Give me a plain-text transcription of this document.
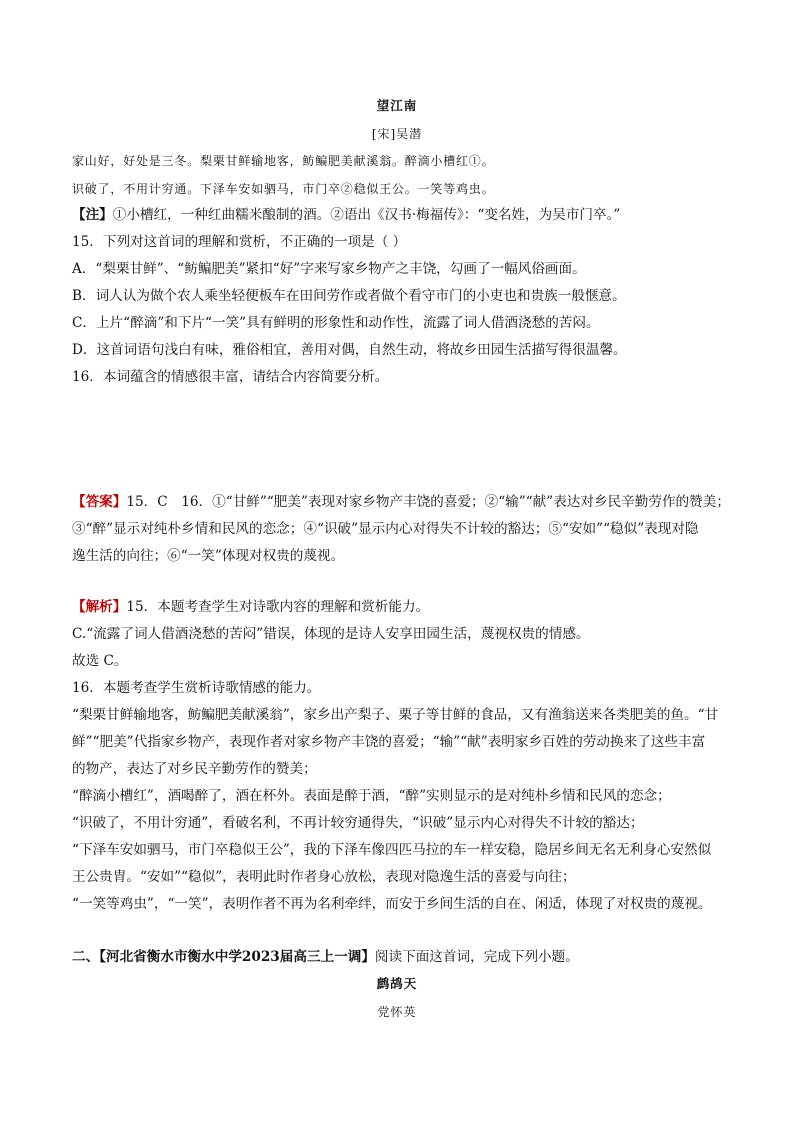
望江南
[宋]吴潜
家山好，好处是三冬。梨栗甘鲜输地客，鲂鳊肥美献溪翁。醉滴小槽红①。
识破了，不用计穷通。下泽车安如驷马，市门卒②稳似王公。一笑等鸡虫。
【注】①小槽红，一种红曲糯米酿制的酒。②语出《汉书·梅福传》：“变名姓，为吴市门卒。”
15．下列对这首词的理解和赏析，不正确的一项是（ ）
A．“梨栗甘鲜”、“鲂鳊肥美”紧扣“好”字来写家乡物产之丰饶，勾画了一幅风俗画面。
B．词人认为做个农人乘坐轻便板车在田间劳作或者做个看守市门的小吏也和贵族一般惬意。
C．上片“醉滴”和下片“一笑”具有鲜明的形象性和动作性，流露了词人借酒浇愁的苦闷。
D．这首词语句浅白有味，雅俗相宜，善用对偶，自然生动，将故乡田园生活描写得很温馨。
16．本词蕴含的情感很丰富，请结合内容简要分析。
【答案】15．C　16．①“甘鲜”“肥美”表现对家乡物产丰饶的喜爱；②“输”“献”表达对乡民辛勤劳作的赞美；
③“醉”显示对纯朴乡情和民风的恋念；④“识破”显示内心对得失不计较的豁达；⑤“安如”“稳似”表现对隐
逸生活的向往；⑥“一笑”体现对权贵的蔑视。
【解析】15．本题考查学生对诗歌内容的理解和赏析能力。
C.“流露了词人借酒浇愁的苦闷”错误，体现的是诗人安享田园生活，蔑视权贵的情感。
故选 C。
16．本题考查学生赏析诗歌情感的能力。
“梨栗甘鲜输地客，鲂鳊肥美献溪翁”，家乡出产梨子、栗子等甘鲜的食品，又有渔翁送来各类肥美的鱼。“甘
鲜”“肥美”代指家乡物产，表现作者对家乡物产丰饶的喜爱；“输”“献”表明家乡百姓的劳动换来了这些丰富
的物产，表达了对乡民辛勤劳作的赞美；
“醉滴小槽红”，酒喝醉了，酒在杯外。表面是醉于酒，“醉”实则显示的是对纯朴乡情和民风的恋念；
“识破了，不用计穷通”，看破名利，不再计较穷通得失，“识破”显示内心对得失不计较的豁达；
“下泽车安如驷马，市门卒稳似王公”，我的下泽车像四匹马拉的车一样安稳，隐居乡间无名无利身心安然似
王公贵胄。“安如”“稳似”，表明此时作者身心放松，表现对隐逸生活的喜爱与向往；
“一笑等鸡虫”，“一笑”，表明作者不再为名利牵绊，而安于乡间生活的自在、闲适，体现了对权贵的蔑视。
二、【河北省衡水市衡水中学2023届高三上一调】阅读下面这首词，完成下列小题。
鹧鸪天
党怀英
